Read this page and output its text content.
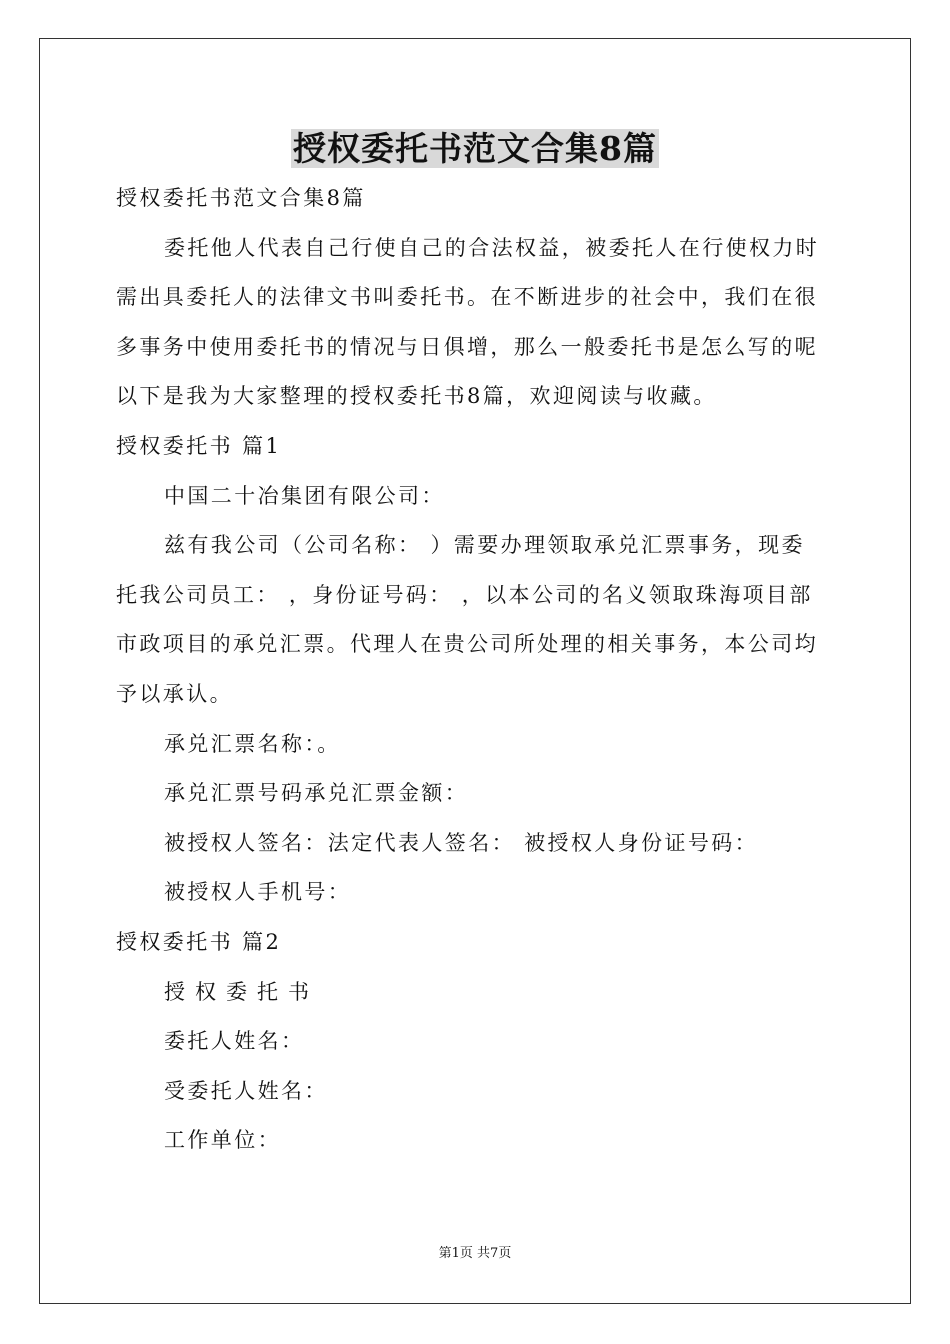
授权委托书范文合集8篇

授权委托书范文合集8篇

委托他人代表自己行使自己的合法权益，被委托人在行使权力时

需出具委托人的法律文书叫委托书。在不断进步的社会中，我们在很

多事务中使用委托书的情况与日俱增，那么一般委托书是怎么写的呢

以下是我为大家整理的授权委托书8篇，欢迎阅读与收藏。

授权委托书 篇1

中国二十冶集团有限公司：

兹有我公司（公司名称： ）需要办理领取承兑汇票事务，现委

托我公司员工： ，身份证号码： ，以本公司的名义领取珠海项目部

市政项目的承兑汇票。代理人在贵公司所处理的相关事务，本公司均

予以承认。

承兑汇票名称：。

承兑汇票号码承兑汇票金额：

被授权人签名：法定代表人签名： 被授权人身份证号码：

被授权人手机号：

授权委托书 篇2

授权委托书

委托人姓名：

受委托人姓名：

工作单位：

第1页 共7页
